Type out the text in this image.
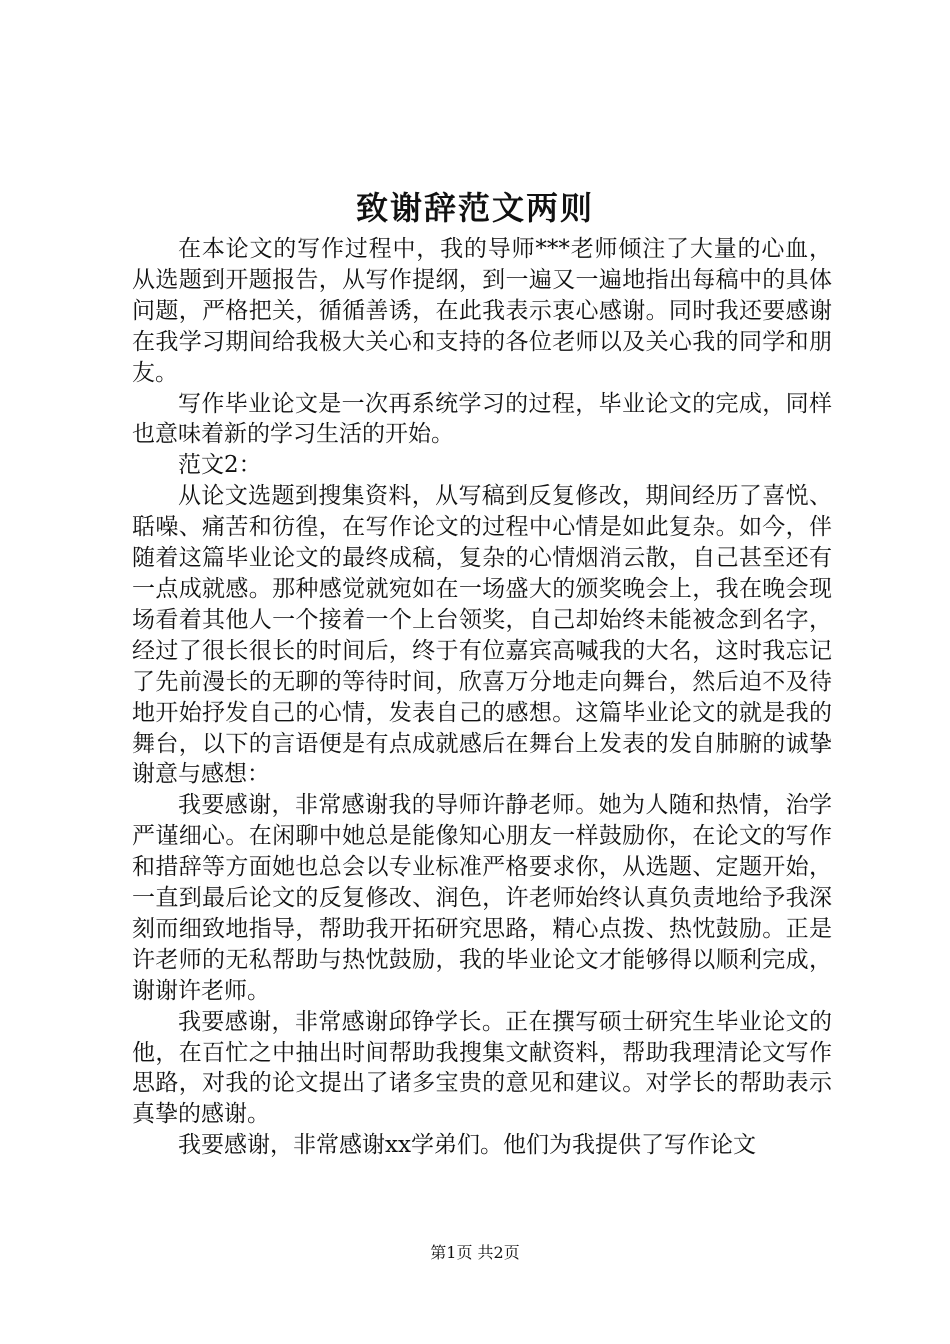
致谢辞范文两则

在本论文的写作过程中，我的导师***老师倾注了大量的心血，从选题到开题报告，从写作提纲，到一遍又一遍地指出每稿中的具体问题，严格把关，循循善诱，在此我表示衷心感谢。同时我还要感谢在我学习期间给我极大关心和支持的各位老师以及关心我的同学和朋友。

写作毕业论文是一次再系统学习的过程，毕业论文的完成，同样也意味着新的学习生活的开始。

范文2：

从论文选题到搜集资料，从写稿到反复修改，期间经历了喜悦、聒噪、痛苦和彷徨，在写作论文的过程中心情是如此复杂。如今，伴随着这篇毕业论文的最终成稿，复杂的心情烟消云散，自己甚至还有一点成就感。那种感觉就宛如在一场盛大的颁奖晚会上，我在晚会现场看着其他人一个接着一个上台领奖，自己却始终未能被念到名字，经过了很长很长的时间后，终于有位嘉宾高喊我的大名，这时我忘记了先前漫长的无聊的等待时间，欣喜万分地走向舞台，然后迫不及待地开始抒发自己的心情，发表自己的感想。这篇毕业论文的就是我的舞台，以下的言语便是有点成就感后在舞台上发表的发自肺腑的诚挚谢意与感想：

我要感谢，非常感谢我的导师许静老师。她为人随和热情，治学严谨细心。在闲聊中她总是能像知心朋友一样鼓励你，在论文的写作和措辞等方面她也总会以专业标准严格要求你，从选题、定题开始，一直到最后论文的反复修改、润色，许老师始终认真负责地给予我深刻而细致地指导，帮助我开拓研究思路，精心点拨、热忱鼓励。正是许老师的无私帮助与热忱鼓励，我的毕业论文才能够得以顺利完成，谢谢许老师。

我要感谢，非常感谢邱铮学长。正在撰写硕士研究生毕业论文的他，在百忙之中抽出时间帮助我搜集文献资料，帮助我理清论文写作思路，对我的论文提出了诸多宝贵的意见和建议。对学长的帮助表示真挚的感谢。

我要感谢，非常感谢xx学弟们。他们为我提供了写作论文

第1页 共2页
